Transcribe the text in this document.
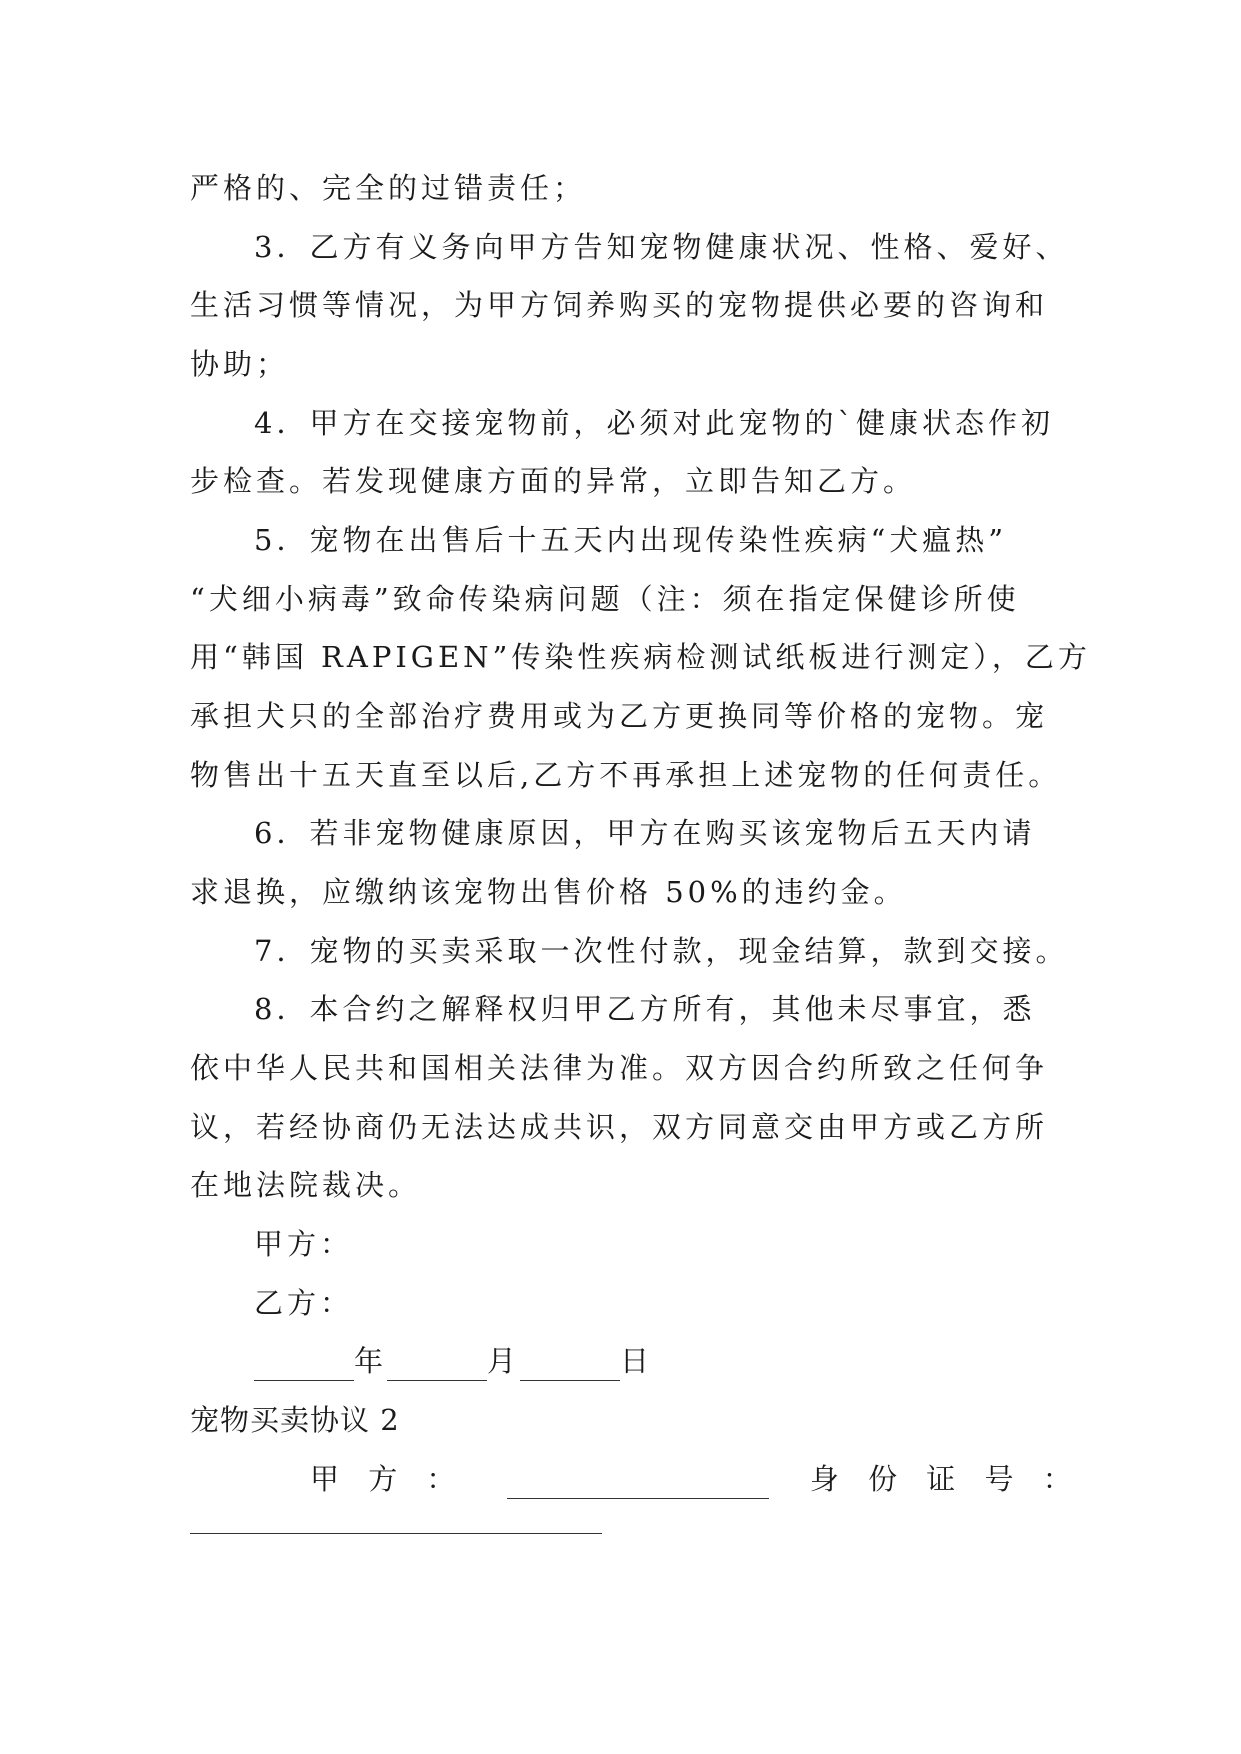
严格的、完全的过错责任；
3．乙方有义务向甲方告知宠物健康状况、性格、爱好、
生活习惯等情况，为甲方饲养购买的宠物提供必要的咨询和
协助；
4．甲方在交接宠物前，必须对此宠物的`健康状态作初
步检查。若发现健康方面的异常，立即告知乙方。
5．宠物在出售后十五天内出现传染性疾病“犬瘟热”
“犬细小病毒”致命传染病问题（注：须在指定保健诊所使
用“韩国 RAPIGEN”传染性疾病检测试纸板进行测定），乙方
承担犬只的全部治疗费用或为乙方更换同等价格的宠物。宠
物售出十五天直至以后,乙方不再承担上述宠物的任何责任。
6．若非宠物健康原因，甲方在购买该宠物后五天内请
求退换，应缴纳该宠物出售价格 50%的违约金。
7．宠物的买卖采取一次性付款，现金结算，款到交接。
8．本合约之解释权归甲乙方所有，其他未尽事宜，悉
依中华人民共和国相关法律为准。双方因合约所致之任何争
议，若经协商仍无法达成共识，双方同意交由甲方或乙方所
在地法院裁决。
甲方：
乙方：
年	月	日
宠物买卖协议 2
甲 方 ：	身 份 证 号 ：
